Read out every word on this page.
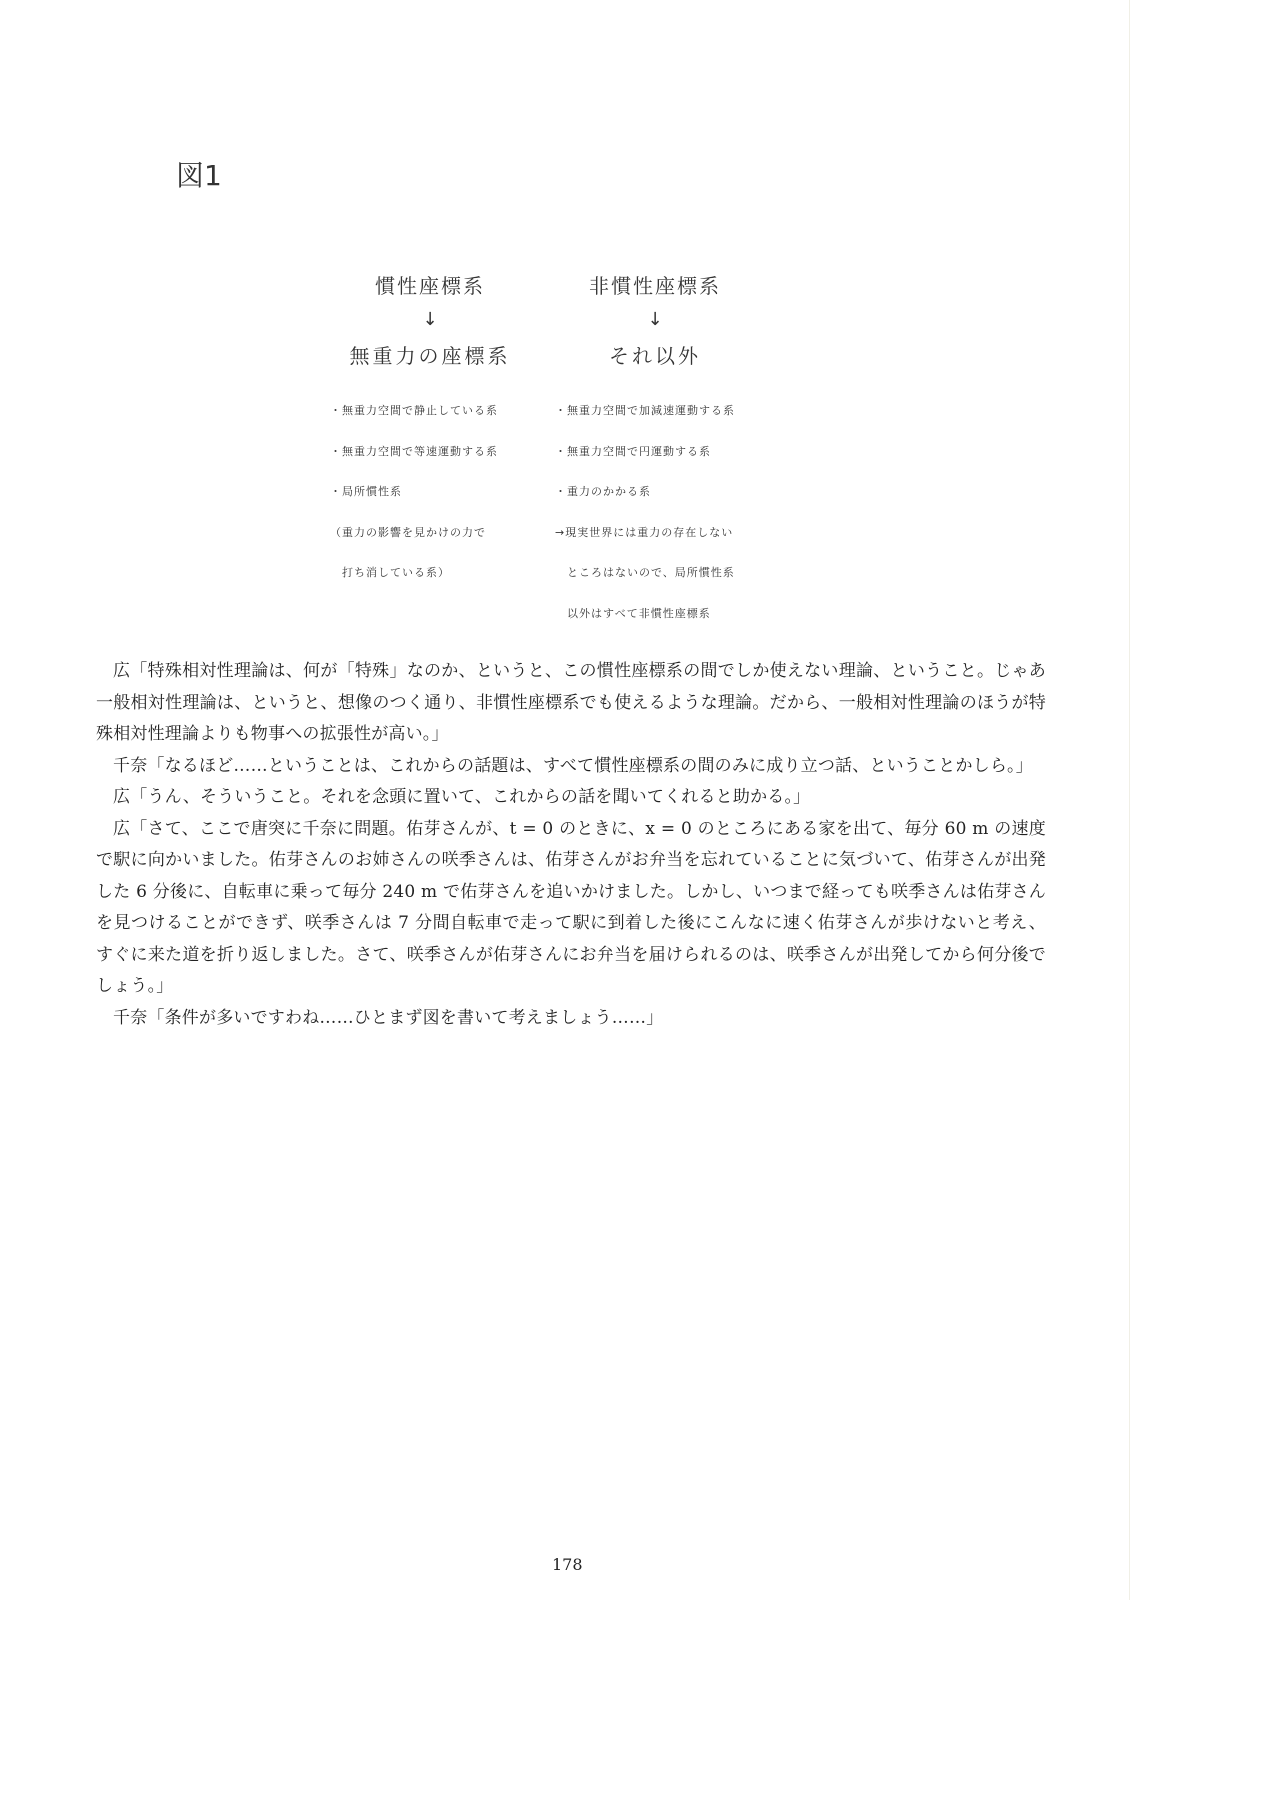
図1
慣性座標系
↓
無重力の座標系

・無重力空間で静止している系

・無重力空間で等速運動する系

・局所慣性系

（重力の影響を見かけの力で

　打ち消している系）

非慣性座標系
↓
それ以外

・無重力空間で加減速運動する系

・無重力空間で円運動する系

・重力のかかる系

→現実世界には重力の存在しない

　ところはないので、局所慣性系

　以外はすべて非慣性座標系

広「特殊相対性理論は、何が「特殊」なのか、というと、この慣性座標系の間でしか使えない理論、ということ。じゃあ一般相対性理論は、というと、想像のつく通り、非慣性座標系でも使えるような理論。だから、一般相対性理論のほうが特殊相対性理論よりも物事への拡張性が高い。」

千奈「なるほど……ということは、これからの話題は、すべて慣性座標系の間のみに成り立つ話、ということかしら。」

広「うん、そういうこと。それを念頭に置いて、これからの話を聞いてくれると助かる。」

広「さて、ここで唐突に千奈に問題。佑芽さんが、t = 0 のときに、x = 0 のところにある家を出て、毎分 60 m の速度で駅に向かいました。佑芽さんのお姉さんの咲季さんは、佑芽さんがお弁当を忘れていることに気づいて、佑芽さんが出発した 6 分後に、自転車に乗って毎分 240 m で佑芽さんを追いかけました。しかし、いつまで経っても咲季さんは佑芽さんを見つけることができず、咲季さんは 7 分間自転車で走って駅に到着した後にこんなに速く佑芽さんが歩けないと考え、すぐに来た道を折り返しました。さて、咲季さんが佑芽さんにお弁当を届けられるのは、咲季さんが出発してから何分後でしょう。」

千奈「条件が多いですわね……ひとまず図を書いて考えましょう……」

178
